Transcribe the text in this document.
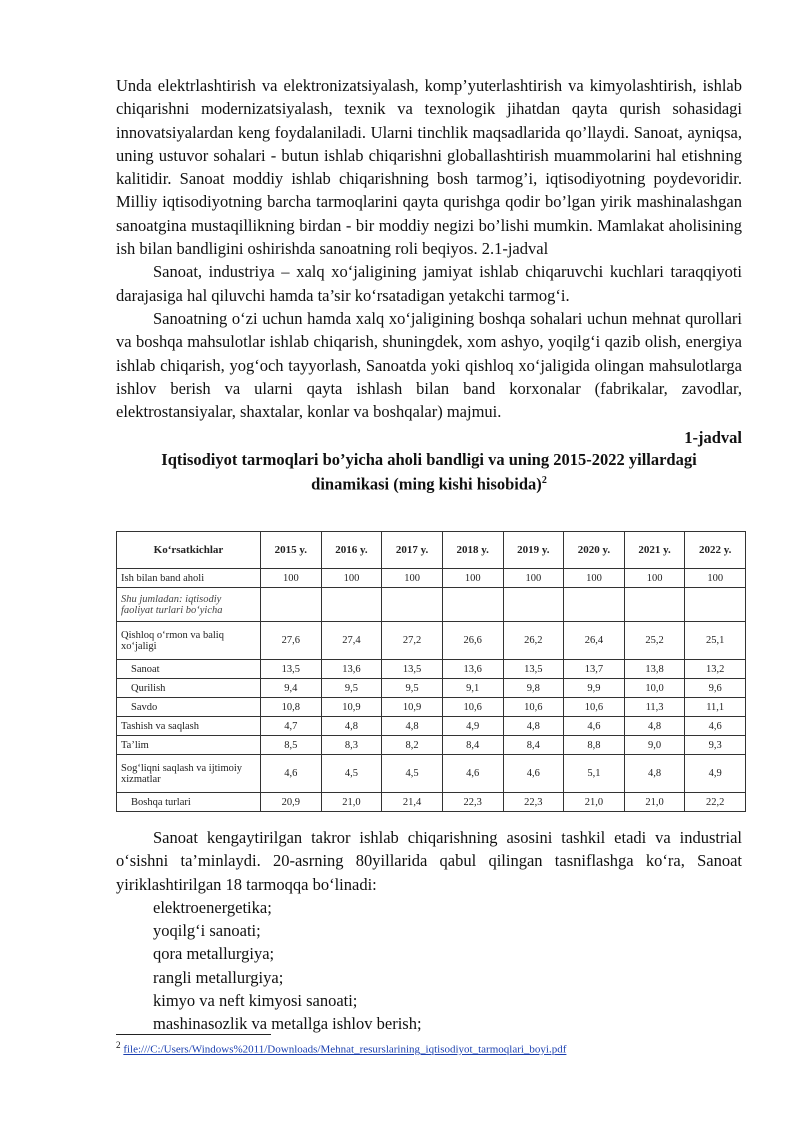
Unda elektrlashtirish va elektronizatsiyalash, komp’yuterlashtirish va kimyolashtirish, ishlab chiqarishni modernizatsiyalash, texnik va texnologik jihatdan qayta qurish sohasidagi innovatsiyalardan keng foydalaniladi. Ularni tinchlik maqsadlarida qo’llaydi. Sanoat, ayniqsa, uning ustuvor sohalari - butun ishlab chiqarishni globallashtirish muammolarini hal etishning kalitidir. Sanoat moddiy ishlab chiqarishning bosh tarmog’i, iqtisodiyotning poydevoridir. Milliy iqtisodiyotning barcha tarmoqlarini qayta qurishga qodir bo’lgan yirik mashinalashgan sanoatgina mustaqillikning birdan - bir moddiy negizi bo’lishi mumkin. Mamlakat aholisining ish bilan bandligini oshirishda sanoatning roli beqiyos. 2.1-jadval

Sanoat, industriya – xalq xo‘jaligining jamiyat ishlab chiqaruvchi kuchlari taraqqiyoti darajasiga hal qiluvchi hamda ta’sir ko‘rsatadigan yetakchi tarmog‘i.

Sanoatning o‘zi uchun hamda xalq xo‘jaligining boshqa sohalari uchun mehnat qurollari va boshqa mahsulotlar ishlab chiqarish, shuningdek, xom ashyo, yoqilg‘i qazib olish, energiya ishlab chiqarish, yog‘och tayyorlash, Sanoatda yoki qishloq xo‘jaligida olingan mahsulotlarga ishlov berish va ularni qayta ishlash bilan band korxonalar (fabrikalar, zavodlar, elektrostansiyalar, shaxtalar, konlar va boshqalar) majmui.

1-jadval
Iqtisodiyot tarmoqlari bo’yicha aholi bandligi va uning 2015-2022 yillardagi dinamikasi (ming kishi hisobida)$^2$
Ko‘rsatkichlar	2015 y.	2016 y.	2017 y.	2018 y.	2019 y.	2020 y.	2021 y.	2022 y.
Ish bilan band aholi	100	100	100	100	100	100	100	100
Shu jumladan: iqtisodiy faoliyat turlari bo‘yicha								
Qishloq o‘rmon va baliq xo‘jaligi	27,6	27,4	27,2	26,6	26,2	26,4	25,2	25,1
Sanoat	13,5	13,6	13,5	13,6	13,5	13,7	13,8	13,2
Qurilish	9,4	9,5	9,5	9,1	9,8	9,9	10,0	9,6
Savdo	10,8	10,9	10,9	10,6	10,6	10,6	11,3	11,1
Tashish va saqlash	4,7	4,8	4,8	4,9	4,8	4,6	4,8	4,6
Ta’lim	8,5	8,3	8,2	8,4	8,4	8,8	9,0	9,3
Sog‘liqni saqlash va ijtimoiy xizmatlar	4,6	4,5	4,5	4,6	4,6	5,1	4,8	4,9
Boshqa turlari	20,9	21,0	21,4	22,3	22,3	21,0	21,0	22,2

Sanoat kengaytirilgan takror ishlab chiqarishning asosini tashkil etadi va industrial o‘sishni ta’minlaydi. 20-asrning 80yillarida qabul qilingan tasniflashga ko‘ra, Sanoat yiriklashtirilgan 18 tarmoqqa bo‘linadi:

elektroenergetika;
yoqilg‘i sanoati;
qora metallurgiya;
rangli metallurgiya;
kimyo va neft kimyosi sanoati;
mashinasozlik va metallga ishlov berish;
$^2$ file:///C:/Users/Windows%2011/Downloads/Mehnat_resurslarining_iqtisodiyot_tarmoqlari_boyi.pdf
